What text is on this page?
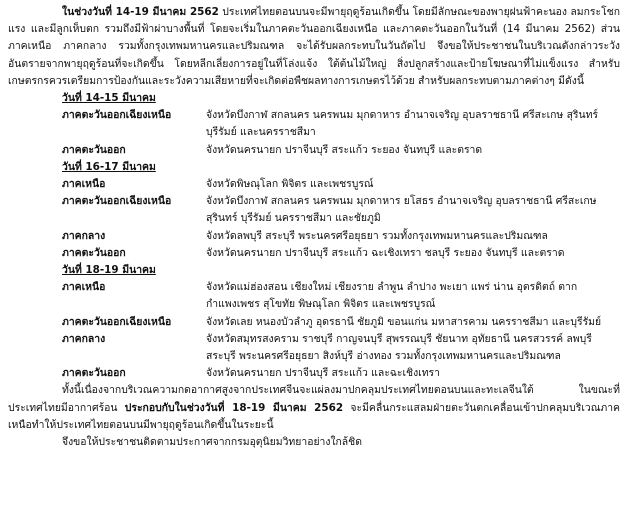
ในช่วงวันที่ 14-19 มีนาคม 2562 ประเทศไทยตอนบนจะมีพายุฤดูร้อนเกิดขึ้น โดยมีลักษณะของพายุฝนฟ้าคะนอง ลมกระโชกแรง และมีลูกเห็บตก รวมถึงมีฟ้าผ่าบางพื้นที่ โดยจะเริ่มในภาคตะวันออกเฉียงเหนือ และภาคตะวันออกในวันที่ (14 มีนาคม 2562) ส่วนภาคเหนือ ภาคกลาง รวมทั้งกรุงเทพมหานครและปริมณฑล จะได้รับผลกระทบในวันถัดไป จึงขอให้ประชาชนในบริเวณดังกล่าวระวังอันตรายจากพายุฤดูร้อนที่จะเกิดขึ้น โดยหลีกเลี่ยงการอยู่ในที่โล่งแจ้ง ใต้ต้นไม้ใหญ่ สิ่งปลูกสร้างและป้ายโฆษณาที่ไม่แข็งแรง สำหรับเกษตรกรควรเตรียมการป้องกันและระวังความเสียหายที่จะเกิดต่อพืชผลทางการเกษตรไว้ด้วย สำหรับผลกระทบตามภาคต่างๆ มีดังนี้

วันที่ 14-15 มีนาคม
ภาคตะวันออกเฉียงเหนือ	จังหวัดบึงกาฬ สกลนคร นครพนม มุกดาหาร อำนาจเจริญ อุบลราชธานี ศรีสะเกษ สุรินทร์ บุรีรัมย์ และนครราชสีมา
ภาคตะวันออก	จังหวัดนครนายก ปราจีนบุรี สระแก้ว ระยอง จันทบุรี และตราด
วันที่ 16-17 มีนาคม
ภาคเหนือ	จังหวัดพิษณุโลก พิจิตร และเพชรบูรณ์
ภาคตะวันออกเฉียงเหนือ	จังหวัดบึงกาฬ สกลนคร นครพนม มุกดาหาร ยโสธร อำนาจเจริญ อุบลราชธานี ศรีสะเกษ สุรินทร์ บุรีรัมย์ นครราชสีมา และชัยภูมิ
ภาคกลาง	จังหวัดลพบุรี สระบุรี พระนครศรีอยุธยา รวมทั้งกรุงเทพมหานครและปริมณฑล
ภาคตะวันออก	จังหวัดนครนายก ปราจีนบุรี สระแก้ว ฉะเชิงเทรา ชลบุรี ระยอง จันทบุรี และตราด
วันที่ 18-19 มีนาคม
ภาคเหนือ	จังหวัดแม่ฮ่องสอน เชียงใหม่ เชียงราย ลำพูน ลำปาง พะเยา แพร่ น่าน อุตรดิตถ์ ตาก กำแพงเพชร สุโขทัย พิษณุโลก พิจิตร และเพชรบูรณ์
ภาคตะวันออกเฉียงเหนือ	จังหวัดเลย หนองบัวลำภู อุดรธานี ชัยภูมิ ขอนแก่น มหาสารคาม นครราชสีมา และบุรีรัมย์
ภาคกลาง	จังหวัดสมุทรสงคราม ราชบุรี กาญจนบุรี สุพรรณบุรี ชัยนาท อุทัยธานี นครสวรรค์ ลพบุรี สระบุรี พระนครศรีอยุธยา สิงห์บุรี อ่างทอง รวมทั้งกรุงเทพมหานครและปริมณฑล
ภาคตะวันออก	จังหวัดนครนายก ปราจีนบุรี สระแก้ว และฉะเชิงเทรา

ทั้งนี้เนื่องจากบริเวณความกดอากาศสูงจากประเทศจีนจะแผ่ลงมาปกคลุมประเทศไทยตอนบนและทะเลจีนใต้ ในขณะที่ประเทศไทยมีอากาศร้อน ประกอบกับในช่วงวันที่ 18-19 มีนาคม 2562 จะมีคลื่นกระแสลมฝ่ายตะวันตกเคลื่อนเข้าปกคลุมบริเวณภาคเหนือทำให้ประเทศไทยตอนบนมีพายุฤดูร้อนเกิดขึ้นในระยะนี้

จึงขอให้ประชาชนติดตามประกาศจากกรมอุตุนิยมวิทยาอย่างใกล้ชิด
